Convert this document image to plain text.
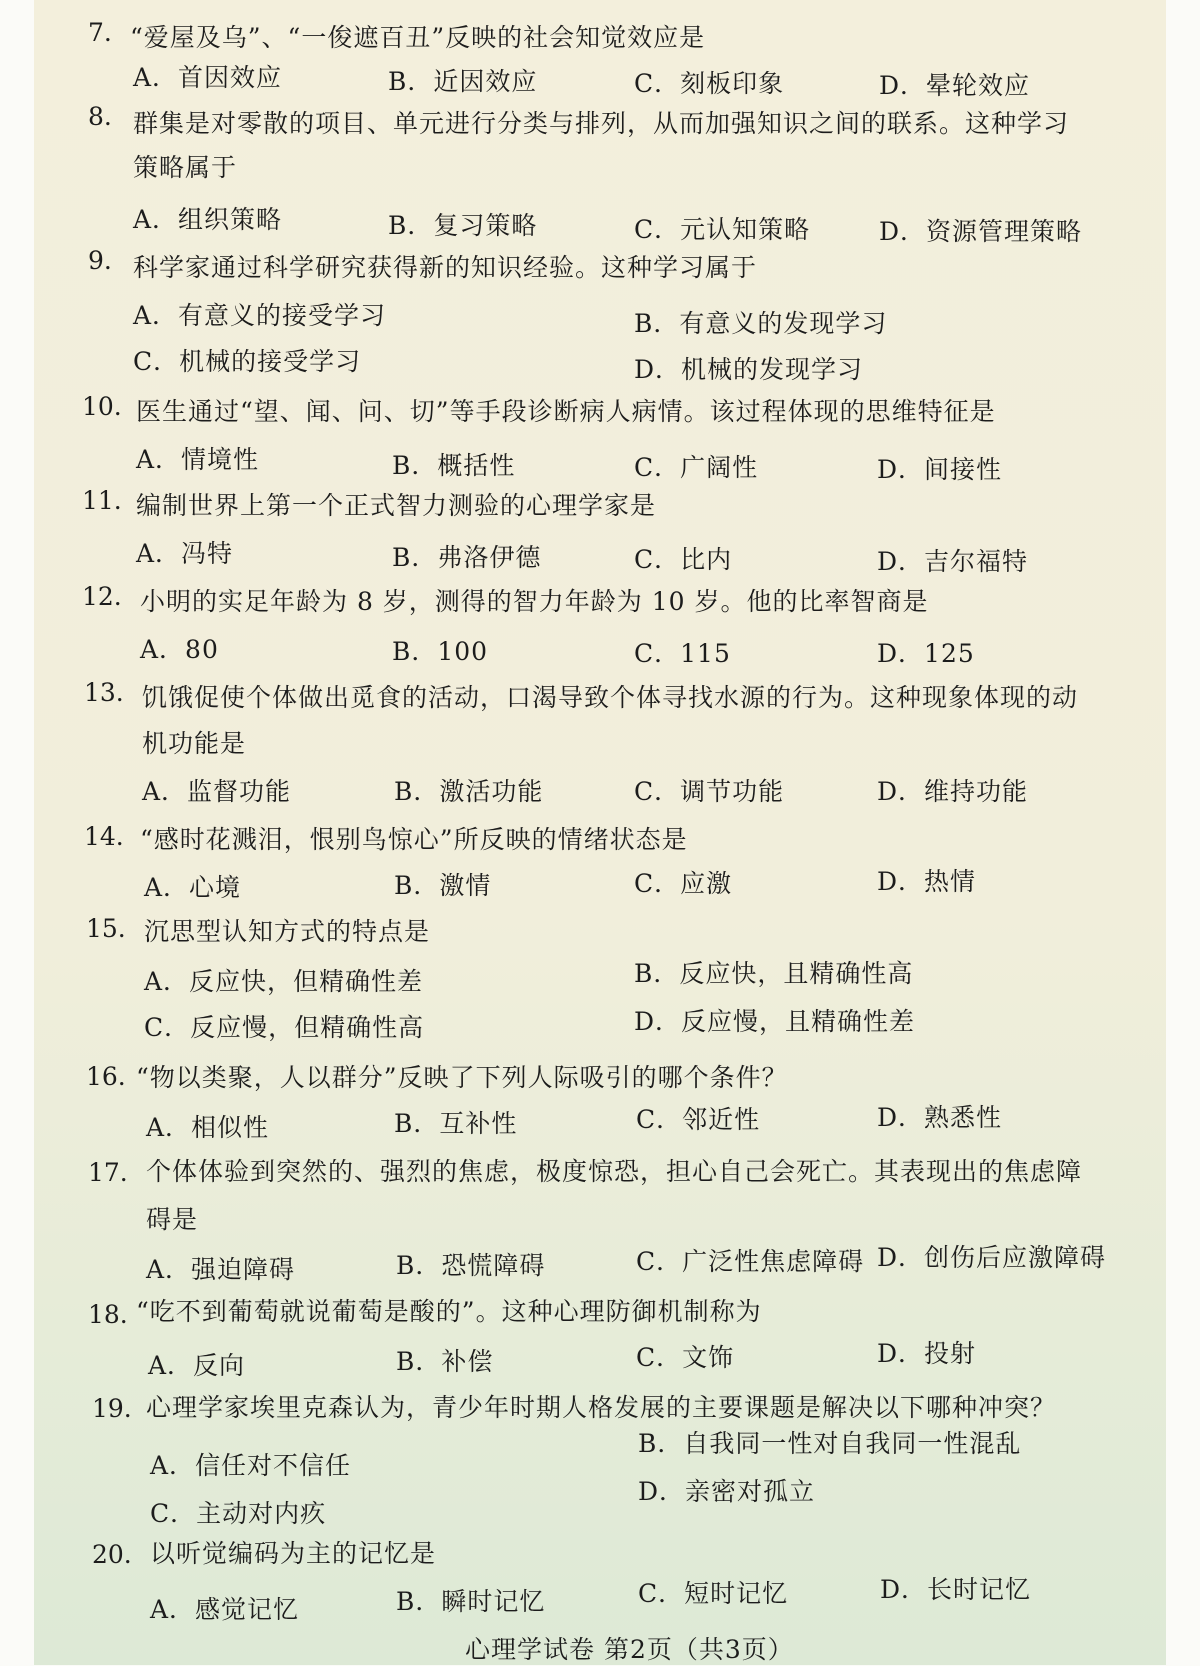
7. “爱屋及乌”、“一俊遮百丑”反映的社会知觉效应是
A．首因效应	B．近因效应	C．刻板印象	D．晕轮效应
8. 群集是对零散的项目、单元进行分类与排列，从而加强知识之间的联系。这种学习
策略属于
A．组织策略	B．复习策略	C．元认知策略	D．资源管理策略
9. 科学家通过科学研究获得新的知识经验。这种学习属于
A．有意义的接受学习	B．有意义的发现学习
C．机械的接受学习	D．机械的发现学习
10. 医生通过“望、闻、问、切”等手段诊断病人病情。该过程体现的思维特征是
A．情境性	B．概括性	C．广阔性	D．间接性
11. 编制世界上第一个正式智力测验的心理学家是
A．冯特	B．弗洛伊德	C．比内	D．吉尔福特
12. 小明的实足年龄为 8 岁，测得的智力年龄为 10 岁。他的比率智商是
A．80	B．100	C．115	D．125
13. 饥饿促使个体做出觅食的活动，口渴导致个体寻找水源的行为。这种现象体现的动
机功能是
A．监督功能	B．激活功能	C．调节功能	D．维持功能
14. “感时花溅泪，恨别鸟惊心”所反映的情绪状态是
A．心境	B．激情	C．应激	D．热情
15. 沉思型认知方式的特点是
A．反应快，但精确性差	B．反应快，且精确性高
C．反应慢，但精确性高	D．反应慢，且精确性差
16. “物以类聚，人以群分”反映了下列人际吸引的哪个条件？
A．相似性	B．互补性	C．邻近性	D．熟悉性
17. 个体体验到突然的、强烈的焦虑，极度惊恐，担心自己会死亡。其表现出的焦虑障
碍是
A．强迫障碍	B．恐慌障碍	C．广泛性焦虑障碍 D．创伤后应激障碍
18. “吃不到葡萄就说葡萄是酸的”。这种心理防御机制称为
A．反向	B．补偿	C．文饰	D．投射
19. 心理学家埃里克森认为，青少年时期人格发展的主要课题是解决以下哪种冲突？
A．信任对不信任
B．自我同一性对自我同一性混乱
C．主动对内疚
D．亲密对孤立
20. 以听觉编码为主的记忆是
A．感觉记忆	B．瞬时记忆	C．短时记忆	D．长时记忆
心理学试卷 第2页（共3页）
